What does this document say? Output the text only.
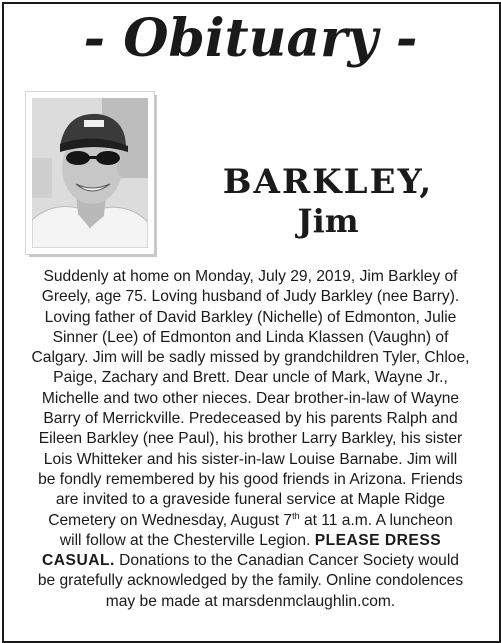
- Obituary -
BARKLEY,
Jim
Suddenly at home on Monday, July 29, 2019, Jim Barkley of
Greely, age 75. Loving husband of Judy Barkley (nee Barry).
Loving father of David Barkley (Nichelle) of Edmonton, Julie
Sinner (Lee) of Edmonton and Linda Klassen (Vaughn) of
Calgary. Jim will be sadly missed by grandchildren Tyler, Chloe,
Paige, Zachary and Brett. Dear uncle of Mark, Wayne Jr.,
Michelle and two other nieces. Dear brother-in-law of Wayne
Barry of Merrickville. Predeceased by his parents Ralph and
Eileen Barkley (nee Paul), his brother Larry Barkley, his sister
Lois Whitteker and his sister-in-law Louise Barnabe. Jim will
be fondly remembered by his good friends in Arizona. Friends
are invited to a graveside funeral service at Maple Ridge
Cemetery on Wednesday, August 7th at 11 a.m. A luncheon
will follow at the Chesterville Legion. PLEASE DRESS
CASUAL. Donations to the Canadian Cancer Society would
be gratefully acknowledged by the family. Online condolences
may be made at marsdenmclaughlin.com.
